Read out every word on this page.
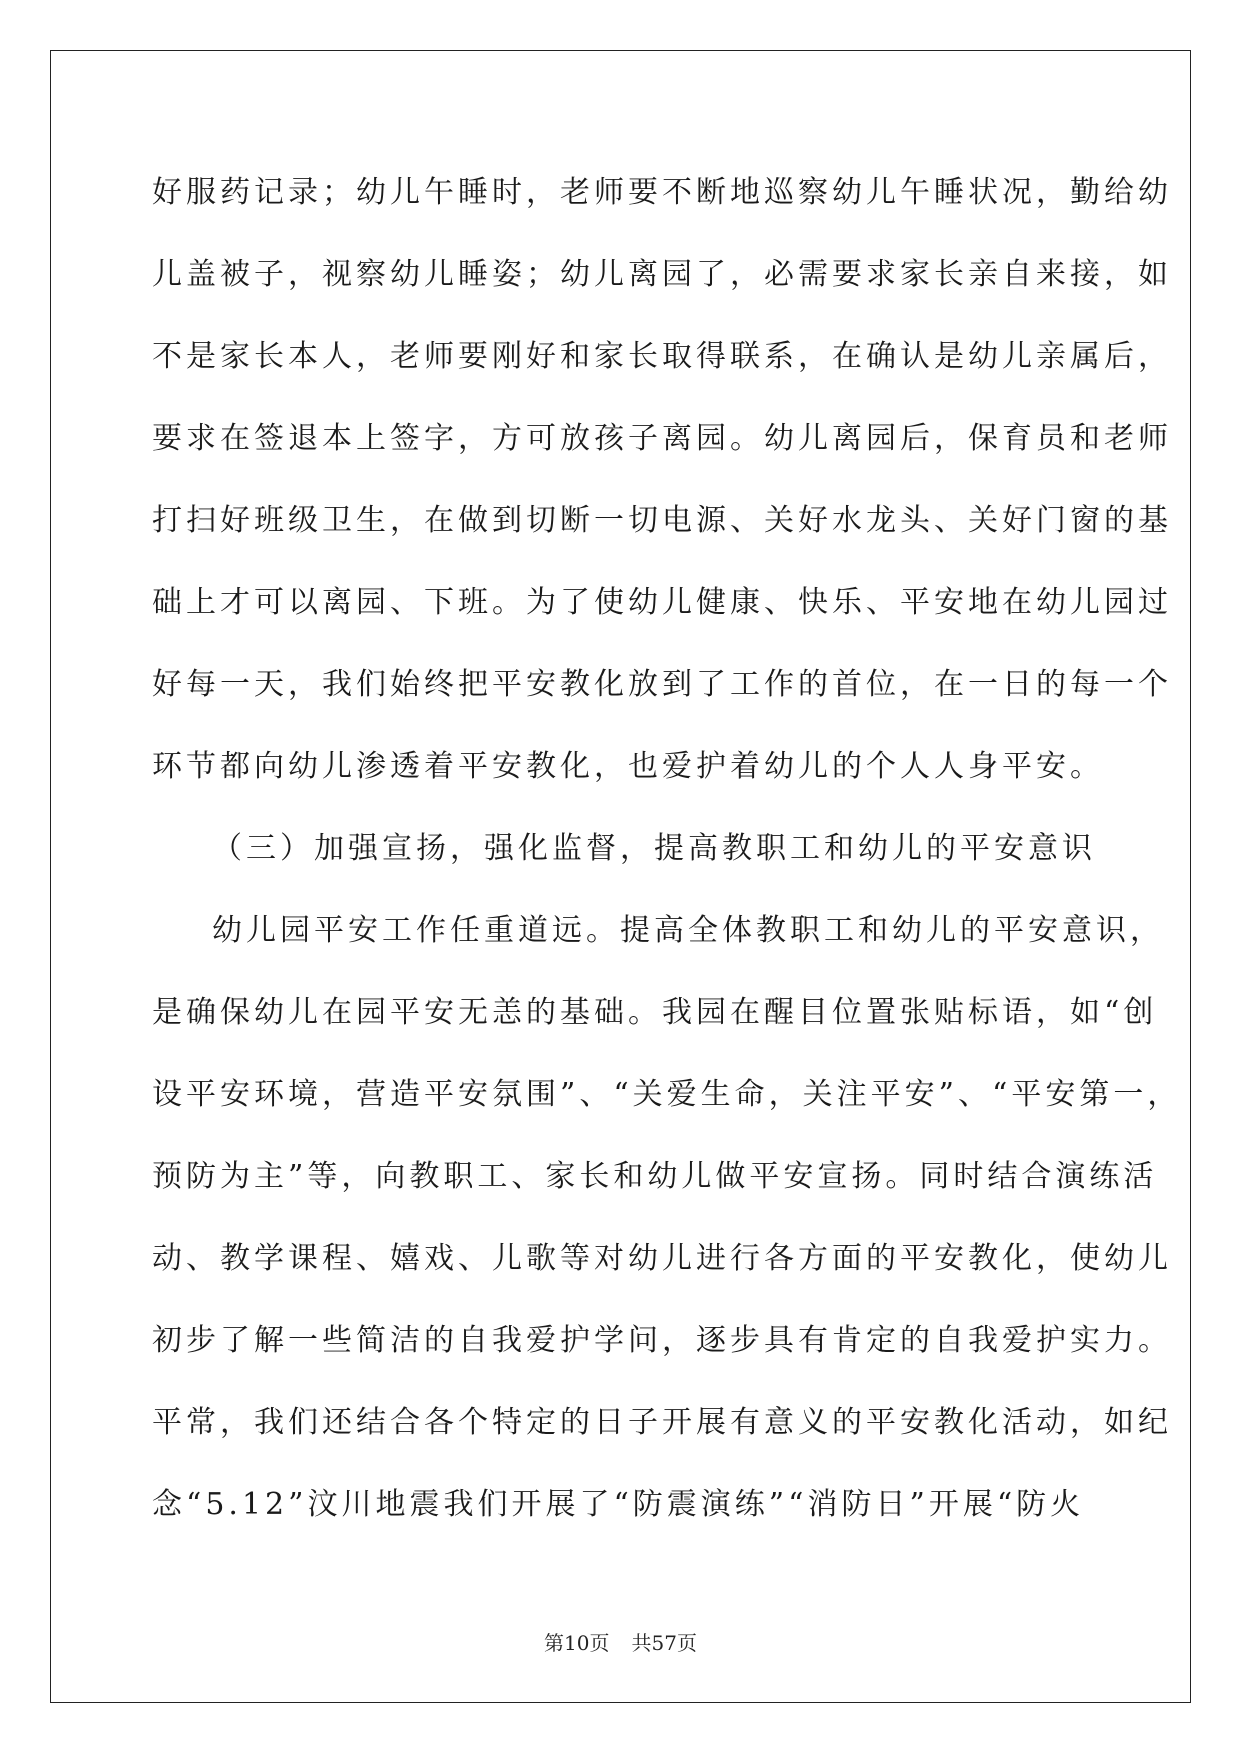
好服药记录；幼儿午睡时，老师要不断地巡察幼儿午睡状况，勤给幼
儿盖被子，视察幼儿睡姿；幼儿离园了，必需要求家长亲自来接，如
不是家长本人，老师要刚好和家长取得联系，在确认是幼儿亲属后，
要求在签退本上签字，方可放孩子离园。幼儿离园后，保育员和老师
打扫好班级卫生，在做到切断一切电源、关好水龙头、关好门窗的基
础上才可以离园、下班。为了使幼儿健康、快乐、平安地在幼儿园过
好每一天，我们始终把平安教化放到了工作的首位，在一日的每一个
环节都向幼儿渗透着平安教化，也爱护着幼儿的个人人身平安。
（三）加强宣扬，强化监督，提高教职工和幼儿的平安意识
幼儿园平安工作任重道远。提高全体教职工和幼儿的平安意识，
是确保幼儿在园平安无恙的基础。我园在醒目位置张贴标语，如“创
设平安环境，营造平安氛围”、“关爱生命，关注平安”、“平安第一，
预防为主”等，向教职工、家长和幼儿做平安宣扬。同时结合演练活
动、教学课程、嬉戏、儿歌等对幼儿进行各方面的平安教化，使幼儿
初步了解一些简洁的自我爱护学问，逐步具有肯定的自我爱护实力。
平常，我们还结合各个特定的日子开展有意义的平安教化活动，如纪
念“5.12”汶川地震我们开展了“防震演练”“消防日”开展“防火
第10页 共57页
